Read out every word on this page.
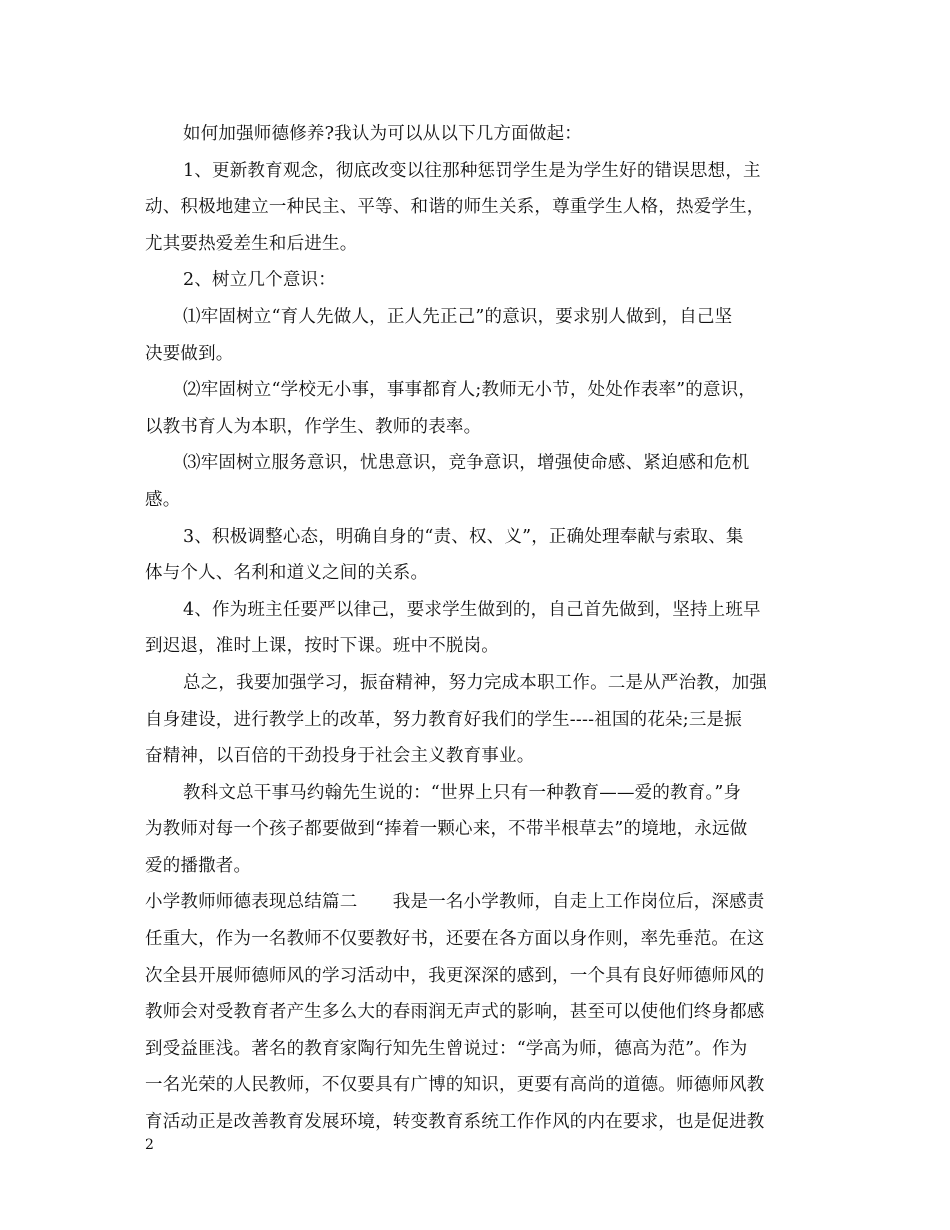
如何加强师德修养?我认为可以从以下几方面做起：
1、更新教育观念，彻底改变以往那种惩罚学生是为学生好的错误思想，主
动、积极地建立一种民主、平等、和谐的师生关系，尊重学生人格，热爱学生，
尤其要热爱差生和后进生。
2、树立几个意识：
⑴牢固树立“育人先做人，正人先正己”的意识，要求别人做到，自己坚
决要做到。
⑵牢固树立“学校无小事，事事都育人;教师无小节，处处作表率”的意识，
以教书育人为本职，作学生、教师的表率。
⑶牢固树立服务意识，忧患意识，竞争意识，增强使命感、紧迫感和危机
感。
3、积极调整心态，明确自身的“责、权、义”，正确处理奉献与索取、集
体与个人、名利和道义之间的关系。
4、作为班主任要严以律己，要求学生做到的，自己首先做到，坚持上班早
到迟退，准时上课，按时下课。班中不脱岗。
总之，我要加强学习，振奋精神，努力完成本职工作。二是从严治教，加强
自身建设，进行教学上的改革，努力教育好我们的学生----祖国的花朵;三是振
奋精神，以百倍的干劲投身于社会主义教育事业。
教科文总干事马约翰先生说的：“世界上只有一种教育——爱的教育。”身
为教师对每一个孩子都要做到“捧着一颗心来，不带半根草去”的境地，永远做
爱的播撒者。
小学教师师德表现总结篇二　　我是一名小学教师，自走上工作岗位后，深感责
任重大，作为一名教师不仅要教好书，还要在各方面以身作则，率先垂范。在这
次全县开展师德师风的学习活动中，我更深深的感到，一个具有良好师德师风的
教师会对受教育者产生多么大的春雨润无声式的影响，甚至可以使他们终身都感
到受益匪浅。著名的教育家陶行知先生曾说过：“学高为师，德高为范”。作为
一名光荣的人民教师，不仅要具有广博的知识，更要有高尚的道德。师德师风教
育活动正是改善教育发展环境，转变教育系统工作作风的内在要求，也是促进教
2
